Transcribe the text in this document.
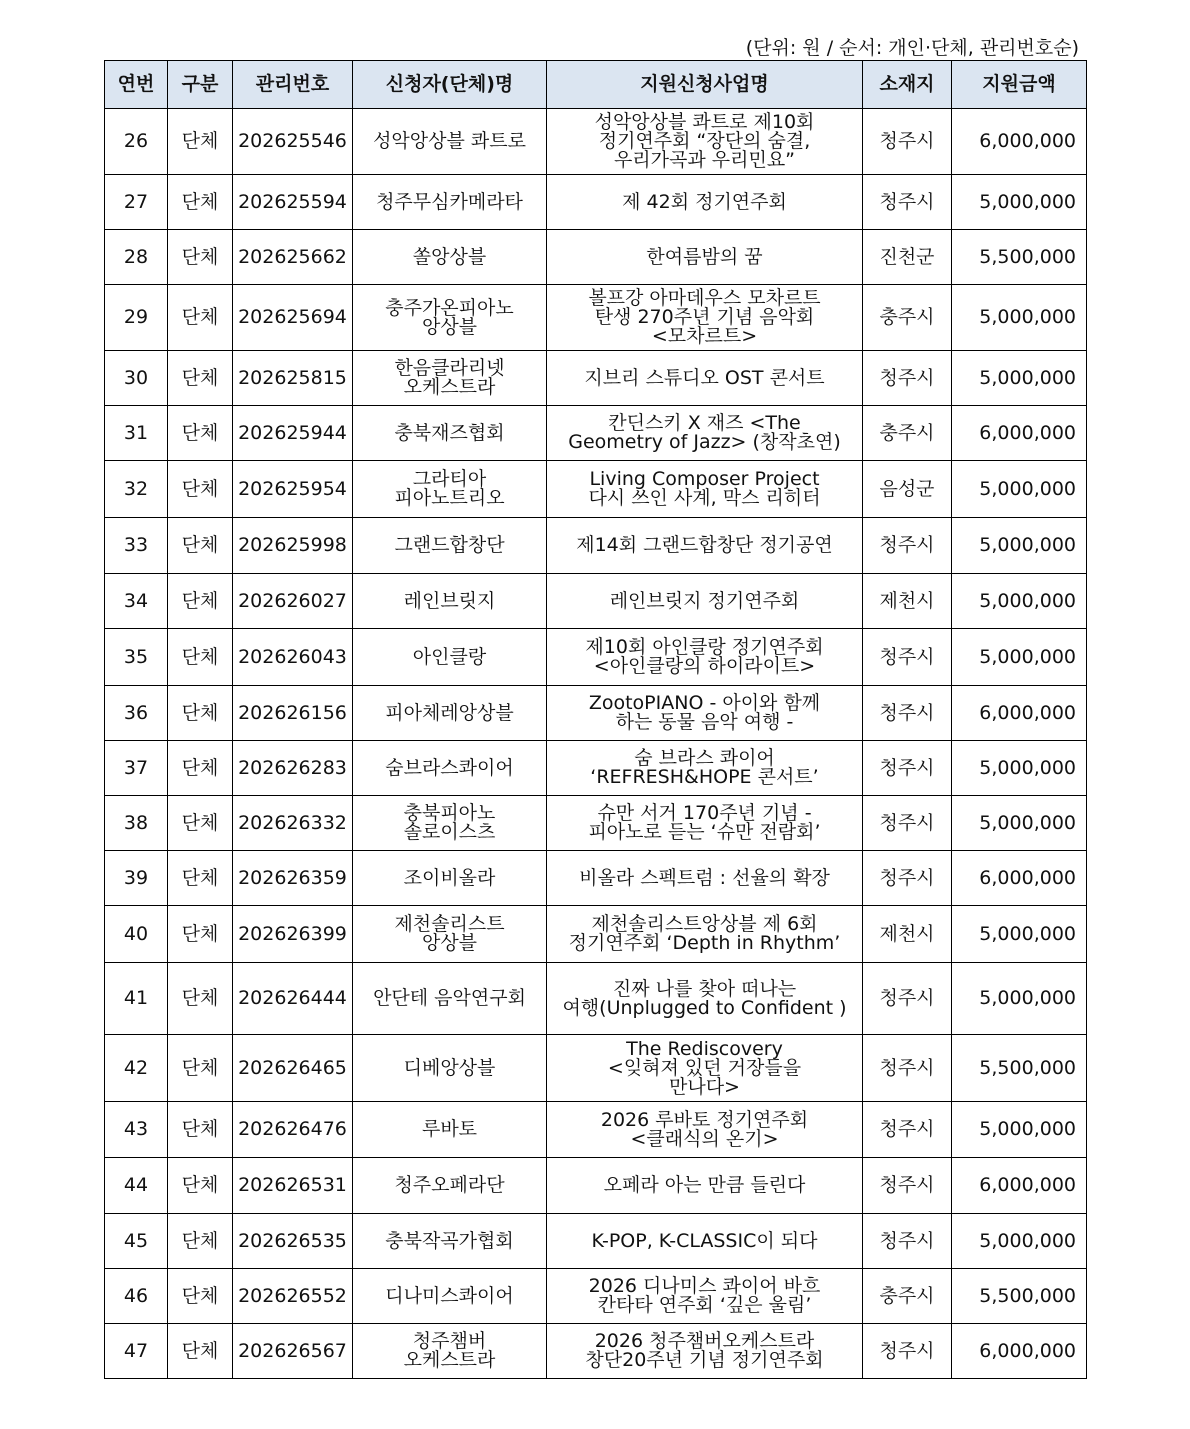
(단위: 원 / 순서: 개인·단체, 관리번호순)
연번	구분	관리번호	신청자(단체)명	지원신청사업명	소재지	지원금액
26	단체	202625546	성악앙상블 콰트로	성악앙상블 콰트로 제10회
정기연주회 “장단의 숨결,
우리가곡과 우리민요”	청주시	6,000,000
27	단체	202625594	청주무심카메라타	제 42회 정기연주회	청주시	5,000,000
28	단체	202625662	쏠앙상블	한여름밤의 꿈	진천군	5,500,000
29	단체	202625694	충주가온피아노
앙상블	볼프강 아마데우스 모차르트
탄생 270주년 기념 음악회
<모차르트>	충주시	5,000,000
30	단체	202625815	한음클라리넷
오케스트라	지브리 스튜디오 OST 콘서트	청주시	5,000,000
31	단체	202625944	충북재즈협회	칸딘스키 X 재즈 <The
Geometry of Jazz> (창작초연)	충주시	6,000,000
32	단체	202625954	그라티아
피아노트리오	Living Composer Project
다시 쓰인 사계, 막스 리히터	음성군	5,000,000
33	단체	202625998	그랜드합창단	제14회 그랜드합창단 정기공연	청주시	5,000,000
34	단체	202626027	레인브릿지	레인브릿지 정기연주회	제천시	5,000,000
35	단체	202626043	아인클랑	제10회 아인클랑 정기연주회
<아인클랑의 하이라이트>	청주시	5,000,000
36	단체	202626156	피아체레앙상블	ZootoPIANO - 아이와 함께
하는 동물 음악 여행 -	청주시	6,000,000
37	단체	202626283	숨브라스콰이어	숨 브라스 콰이어
‘REFRESH&HOPE 콘서트’	청주시	5,000,000
38	단체	202626332	충북피아노
솔로이스츠	슈만 서거 170주년 기념 -
피아노로 듣는 ‘슈만 전람회’	청주시	5,000,000
39	단체	202626359	조이비올라	비올라 스펙트럼 : 선율의 확장	청주시	6,000,000
40	단체	202626399	제천솔리스트
앙상블	제천솔리스트앙상블 제 6회
정기연주회 ‘Depth in Rhythm’	제천시	5,000,000
41	단체	202626444	안단테 음악연구회	진짜 나를 찾아 떠나는
여행(Unplugged to Confident )	청주시	5,000,000
42	단체	202626465	디베앙상블	The Rediscovery
<잊혀져 있던 거장들을
만나다>	청주시	5,500,000
43	단체	202626476	루바토	2026 루바토 정기연주회
<클래식의 온기>	청주시	5,000,000
44	단체	202626531	청주오페라단	오페라 아는 만큼 들린다	청주시	6,000,000
45	단체	202626535	충북작곡가협회	K-POP, K-CLASSIC이 되다	청주시	5,000,000
46	단체	202626552	디나미스콰이어	2026 디나미스 콰이어 바흐
칸타타 연주회 ‘깊은 울림’	충주시	5,500,000
47	단체	202626567	청주챔버
오케스트라	2026 청주챔버오케스트라
창단20주년 기념 정기연주회	청주시	6,000,000
